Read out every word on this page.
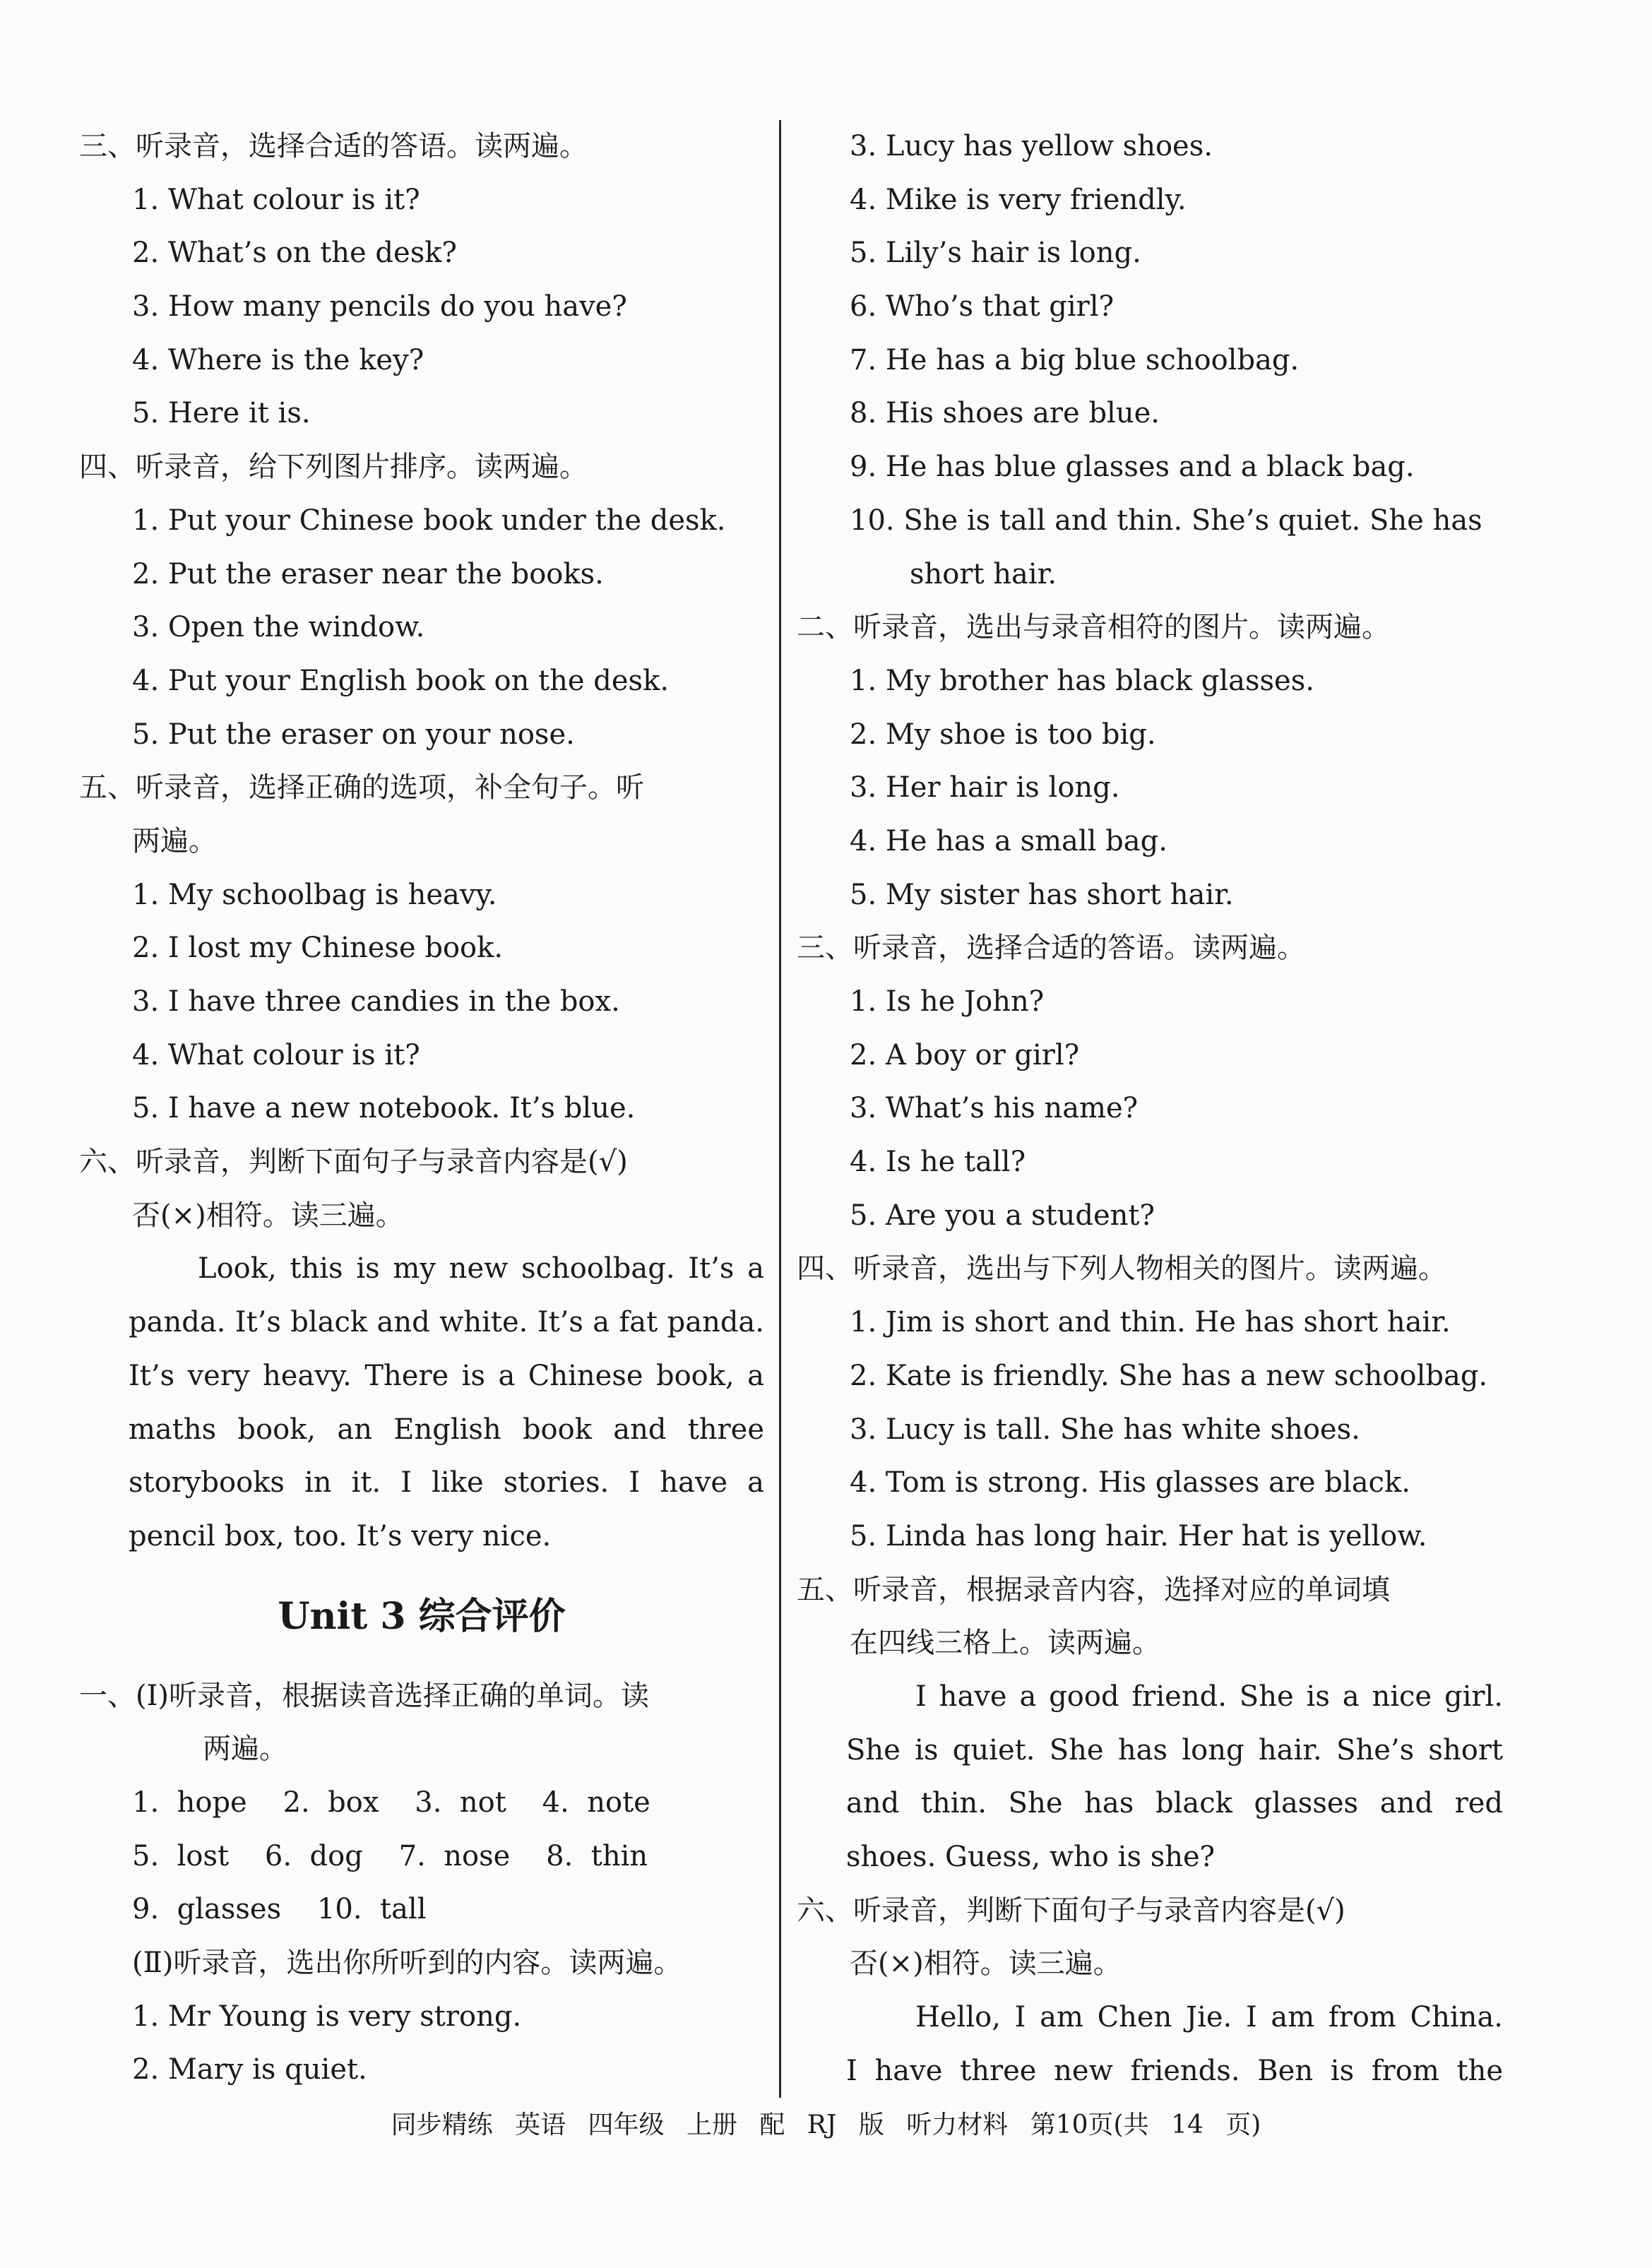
三、听录音，选择合适的答语。读两遍。
1. What colour is it?
2. What’s on the desk?
3. How many pencils do you have?
4. Where is the key?
5. Here it is.
四、听录音，给下列图片排序。读两遍。
1. Put your Chinese book under the desk.
2. Put the eraser near the books.
3. Open the window.
4. Put your English book on the desk.
5. Put the eraser on your nose.
五、听录音，选择正确的选项，补全句子。听
两遍。
1. My schoolbag is heavy.
2. I lost my Chinese book.
3. I have three candies in the box.
4. What colour is it?
5. I have a new notebook. It’s blue.
六、听录音，判断下面句子与录音内容是(√)
否(×)相符。读三遍。
Look, this is my new schoolbag. It’s a
panda. It’s black and white. It’s a fat panda.
It’s very heavy. There is a Chinese book, a
maths book, an English book and three
storybooks in it. I like stories. I have a
pencil box, too. It’s very nice.
Unit 3 综合评价
一、(Ⅰ)听录音，根据读音选择正确的单词。读
两遍。
1.  hope    2.  box    3.  not    4.  note
5.  lost    6.  dog    7.  nose    8.  thin
9.  glasses    10.  tall
(Ⅱ)听录音，选出你所听到的内容。读两遍。
1. Mr Young is very strong.
2. Mary is quiet.
3. Lucy has yellow shoes.
4. Mike is very friendly.
5. Lily’s hair is long.
6. Who’s that girl?
7. He has a big blue schoolbag.
8. His shoes are blue.
9. He has blue glasses and a black bag.
10. She is tall and thin. She’s quiet. She has
short hair.
二、听录音，选出与录音相符的图片。读两遍。
1. My brother has black glasses.
2. My shoe is too big.
3. Her hair is long.
4. He has a small bag.
5. My sister has short hair.
三、听录音，选择合适的答语。读两遍。
1. Is he John?
2. A boy or girl?
3. What’s his name?
4. Is he tall?
5. Are you a student?
四、听录音，选出与下列人物相关的图片。读两遍。
1. Jim is short and thin. He has short hair.
2. Kate is friendly. She has a new schoolbag.
3. Lucy is tall. She has white shoes.
4. Tom is strong. His glasses are black.
5. Linda has long hair. Her hat is yellow.
五、听录音，根据录音内容，选择对应的单词填
在四线三格上。读两遍。
I have a good friend. She is a nice girl.
She is quiet. She has long hair. She’s short
and thin. She has black glasses and red
shoes. Guess, who is she?
六、听录音，判断下面句子与录音内容是(√)
否(×)相符。读三遍。
Hello, I am Chen Jie. I am from China.
I have three new friends. Ben is from the
同步精练 英语 四年级 上册 配 RJ 版 听力材料 第10页(共 14 页)
